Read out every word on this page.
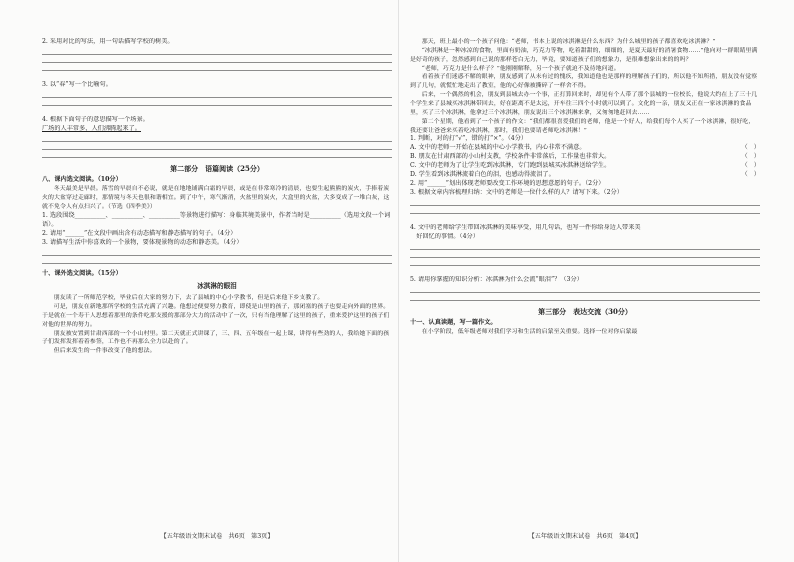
2. 采用对比的写法，用一句话描写学校的树美。
3. 以“春”写一个比喻句。
4. 根据下面句子的意思描写一个场景。
广场的人丰常多，人们沸腾起来了。
第二部分　语篇阅读（25分）
八、课内选文阅读。（10分）
冬天最美是早晨。落雪的早晨自不必说，就是在地地铺满白霜的早晨，或是在非常寒冷的清晨，也要生起熊熊的炭火，手捧着炭火的大盆穿过走廊时，那情境与冬天也很和谐相宜。到了中午，寒气渐消，火盆里的炭火，大盒里的火盆，大多变成了一堆白灰，这就不免令人有点扫兴了。（节选《四季美》）
1. 选段围绕__________、__________、__________等景物进行描写：身临其境美景中，作者当时是__________（选用文段一个词语）。
2. 请用“______”在文段中画出含有动态描写和静态描写的句子。（4分）
3. 请描写生活中你喜欢的一个景物，要体现景物的动态和静态美。（4分）
十、课外选文阅读。（15分）
冰淇淋的眼泪
朋友读了一所师范学校，毕业后在大家的努力下，去了县城的中心小学教书，但是后来他下乡支教了。
可是，朋友在新地那所学校的生活充满了兴趣。他想过便要努力教育，即使是山里的孩子，那闭塞的孩子也要走向外面的世界。于是就在一个寿干人思想着那里的条件吃那支援的那部分大力的活动中了一次，只有当他理解了这里的孩子，重来爱护这里的孩子们对他的世界的努力。
朋友被安置到甘肃西部的一个小山村里。第二天就正式讲课了，三、四、五年级在一起上课，讲得有些劲的人，我给她下面的孩子们发挥发挥着着参签，工作也不再那么全力以赴的了。
但后来发生的一件事改变了他的想法。
【五年级语文期末试卷　共6页　第3页】
那天，班上最小的一个孩子问他：“老师，书本上说的冰淇淋是什么东西？为什么城里的孩子都喜欢吃冰淇淋？”
“冰淇淋是一种冰凉的食物，里面有奶油，巧克力等物，吃着甜甜的，细细的，是夏天最好的消暑食物……”他向对一群眼睛里满是好奇的孩子，忽然感到自己说的那样苍白无力，毕竟，要知道孩子们的想象力，是很难想象出来的的吗？
“老师，巧克力是什么样子？”他刚刚解释，另一个孩子就迫不及待地问道。
看着孩子们迷惑不解的眼神，朋友感到了从未有过的愧疚，我知道他也是那样的理解孩子们的，所以他不知所措，朋友没有觉察到了几句，就慌忙地走出了教室，他的心好像被撕碎了一样舍不得。
后来，一个偶然的机会，朋友到县城去办一个事，正打算回来时，却见有个人带了那个县城的一位校长，他说大约在上了三十几个学生来了县城买冰淇淋带回去，好在距离不是太远，开车往三四个小时就可以到了。文化的一亲，朋友又正在一家冰淇淋的食品里，买了三个冰淇淋，他拿过三个冰淇淋，朋友说出三个冰淇淋来拿，又匆匆地赶回去……
第二个星期，他看到了一个孩子的作文：“我们都很喜爱我们的老师，他是一个好人，给我们每个人买了一个冰淇淋，很好吃，我还要让爸爸来买着吃冰淇淋，那时，我们也要请老师吃冰淇淋！”
1. 判断，对的打“√”，错的打“×”。（4分）
A. 文中的老师一开始在县城的中心小学教书，内心非常不满意。	（　）
B. 朋友在甘肃西部的小山村支教，学校条件非常落后，工作量也非常大。	（　）
C. 文中的老师为了让学生吃到冰淇淋，专门跑到县城买冰淇淋送给学生。	（　）
D. 学生看到冰淇淋流着白色的泪，也感动得流泪了。	（　）
2. 用“______”划出体现老师要改变工作环境的思想意愿的句子。（2分）
3. 根据文章内容梳理归纳：文中的老师是一位什么样的人？请写下来。（2分）
4. 文中的老师给学生带回冰淇淋的美味享受，用几句话，也写一件你给身边人带来美
好回忆的事情。（4分）
5. 请用你掌握的知识分析：冰淇淋为什么会流“眼泪”？（3分）
第三部分　表达交流（30分）
十一、认真读题，写一篇作文。
在小学阶段，低年级老师对我们学习和生活的启蒙至关重要。选择一位对你启蒙最
【五年级语文期末试卷　共6页　第4页】
